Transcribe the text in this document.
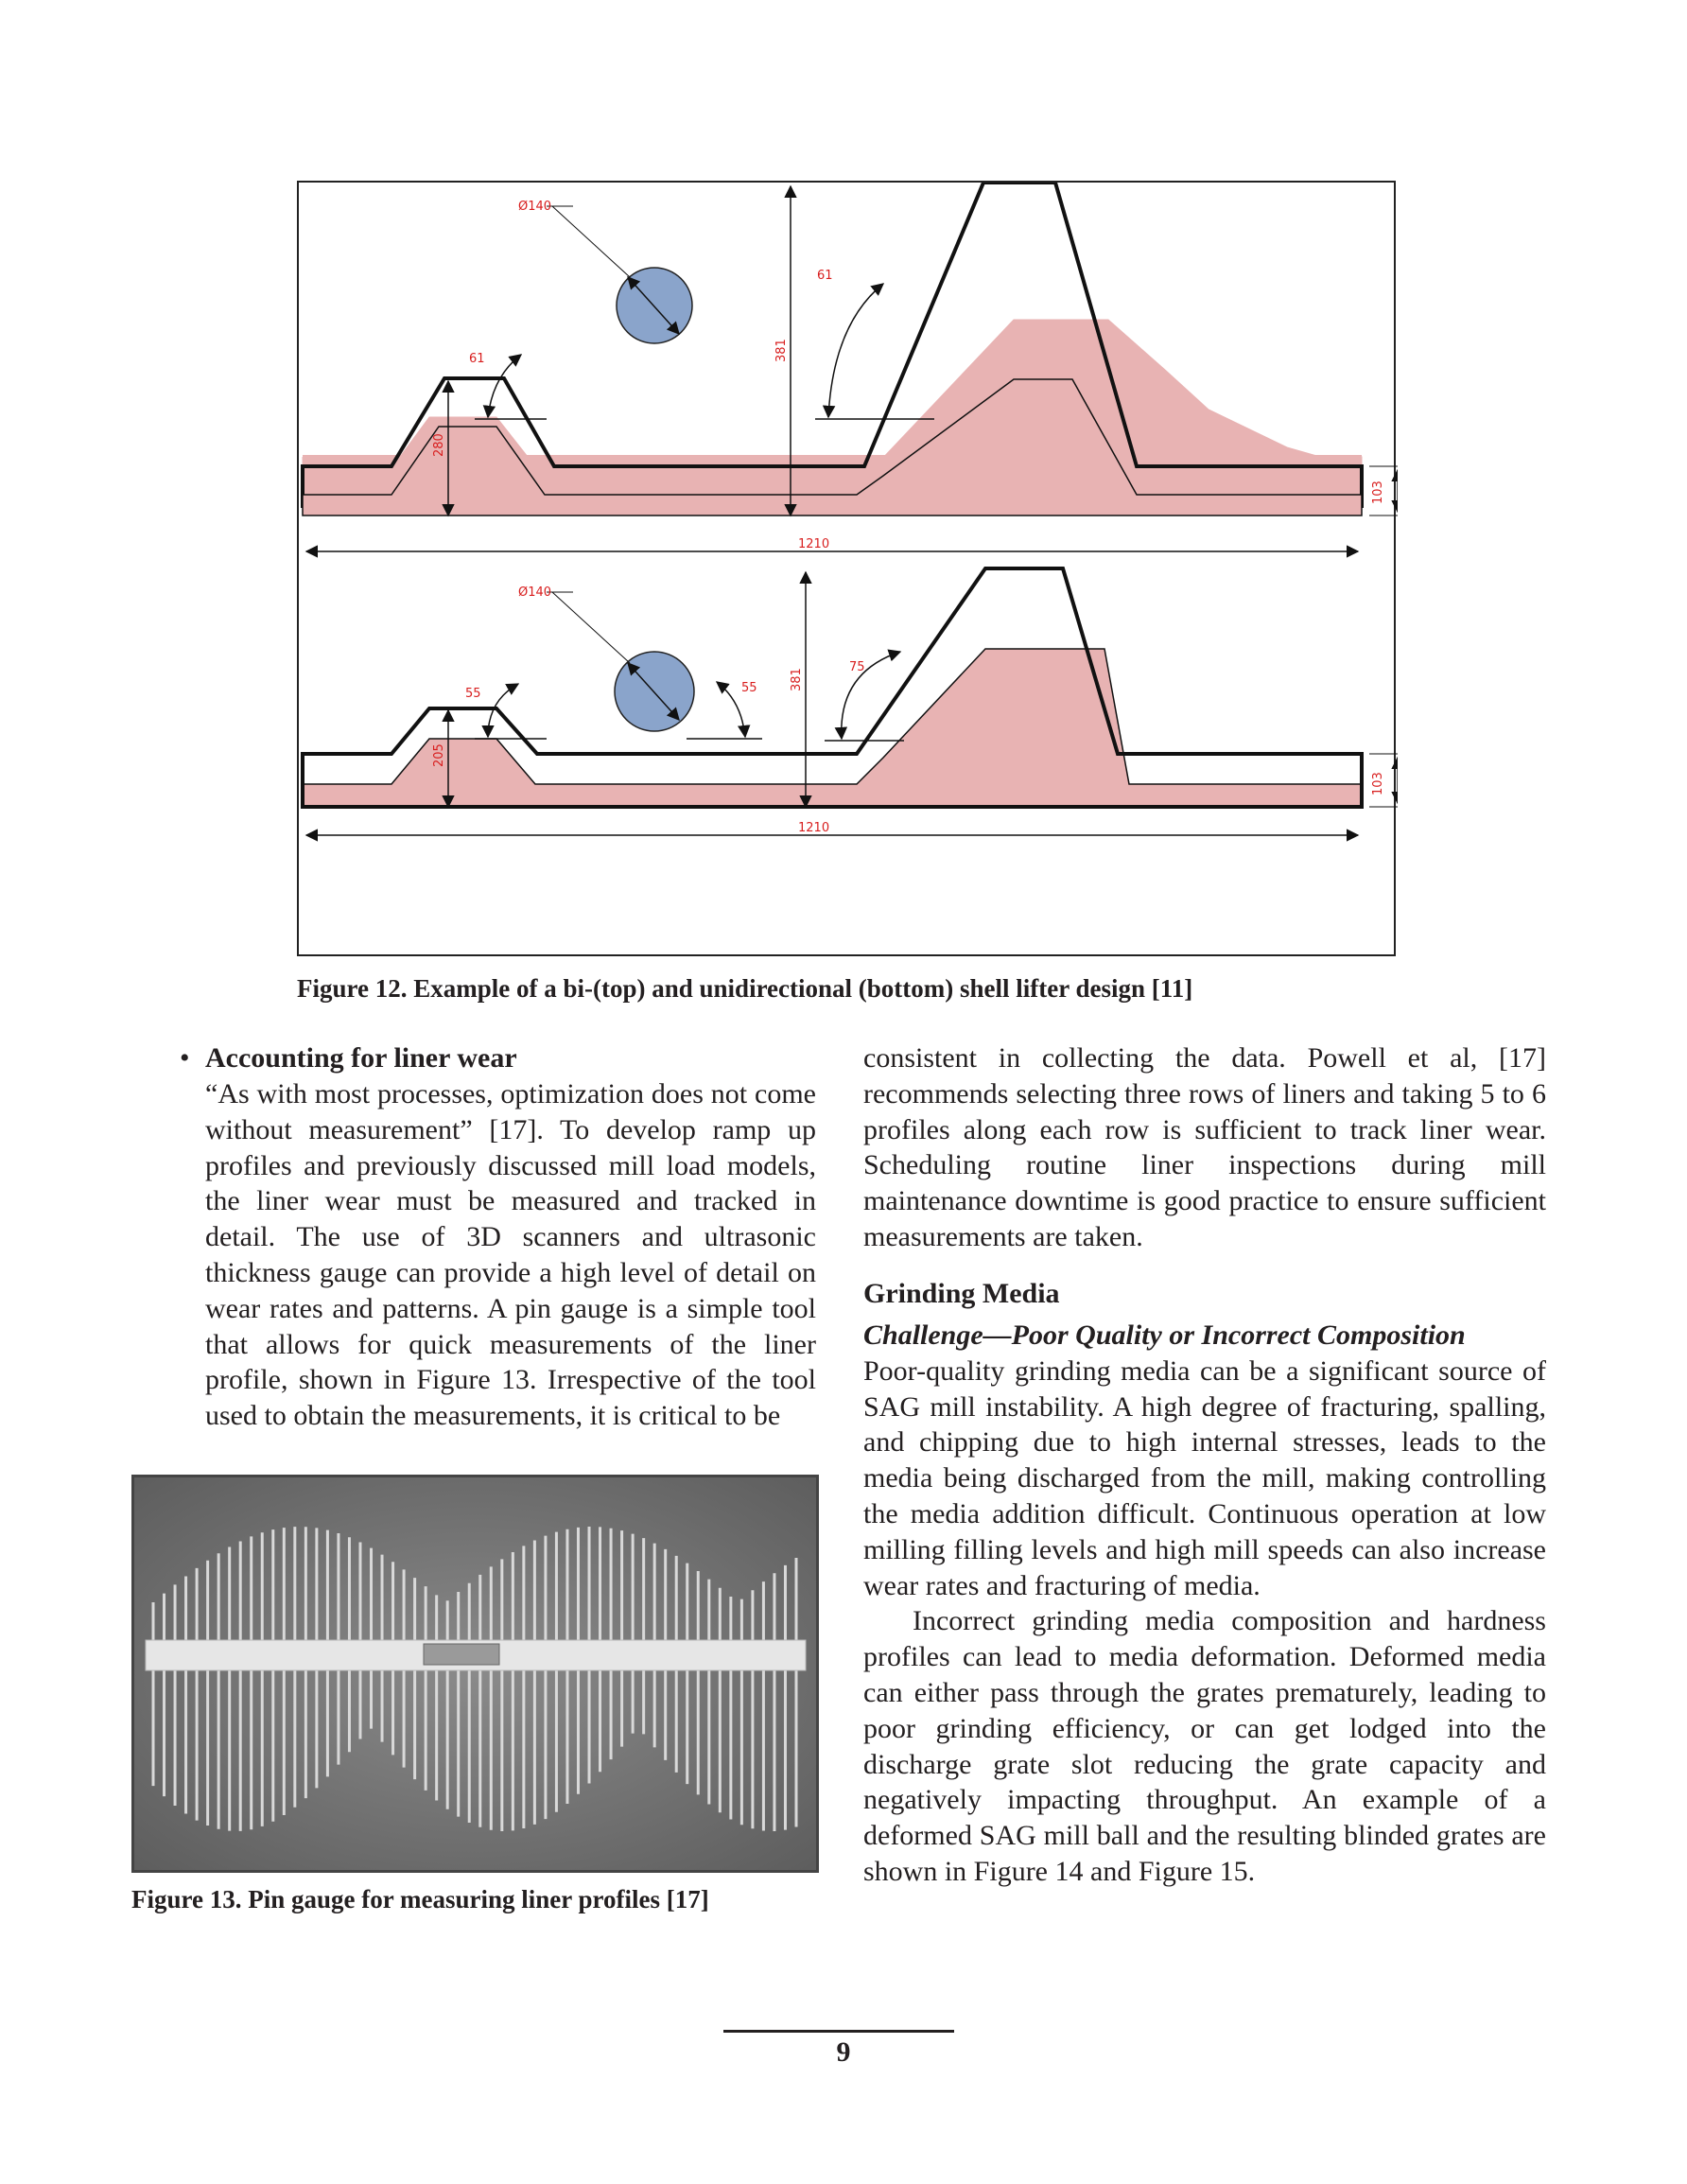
280
381
61
61
Ø140
103
1210
205
381
55	55
75
Ø140
103
1210
Figure 12. Example of a bi-(top) and unidirectional (bottom) shell lifter design [11]
• Accounting for liner wear
“As with most processes, optimization does not come without measurement” [17]. To develop ramp up profiles and previously discussed mill load models, the liner wear must be measured and tracked in detail. The use of 3D scanners and ultrasonic thickness gauge can provide a high level of detail on wear rates and patterns. A pin gauge is a simple tool that allows for quick measurements of the liner profile, shown in Figure 13. Irrespective of the tool used to obtain the measurements, it is critical to be
Figure 13. Pin gauge for measuring liner profiles [17]
consistent in collecting the data. Powell et al, [17] recommends selecting three rows of liners and taking 5 to 6 profiles along each row is sufficient to track liner wear. Scheduling routine liner inspections during mill maintenance downtime is good practice to ensure sufficient measurements are taken.
Grinding Media
Challenge—Poor Quality or Incorrect Composition
Poor-quality grinding media can be a significant source of SAG mill instability. A high degree of fracturing, spalling, and chipping due to high internal stresses, leads to the media being discharged from the mill, making controlling the media addition difficult. Continuous operation at low milling filling levels and high mill speeds can also increase wear rates and fracturing of media.
Incorrect grinding media composition and hardness profiles can lead to media deformation. Deformed media can either pass through the grates prematurely, leading to poor grinding efficiency, or can get lodged into the discharge grate slot reducing the grate capacity and negatively impacting throughput. An example of a deformed SAG mill ball and the resulting blinded grates are shown in Figure 14 and Figure 15.
9
